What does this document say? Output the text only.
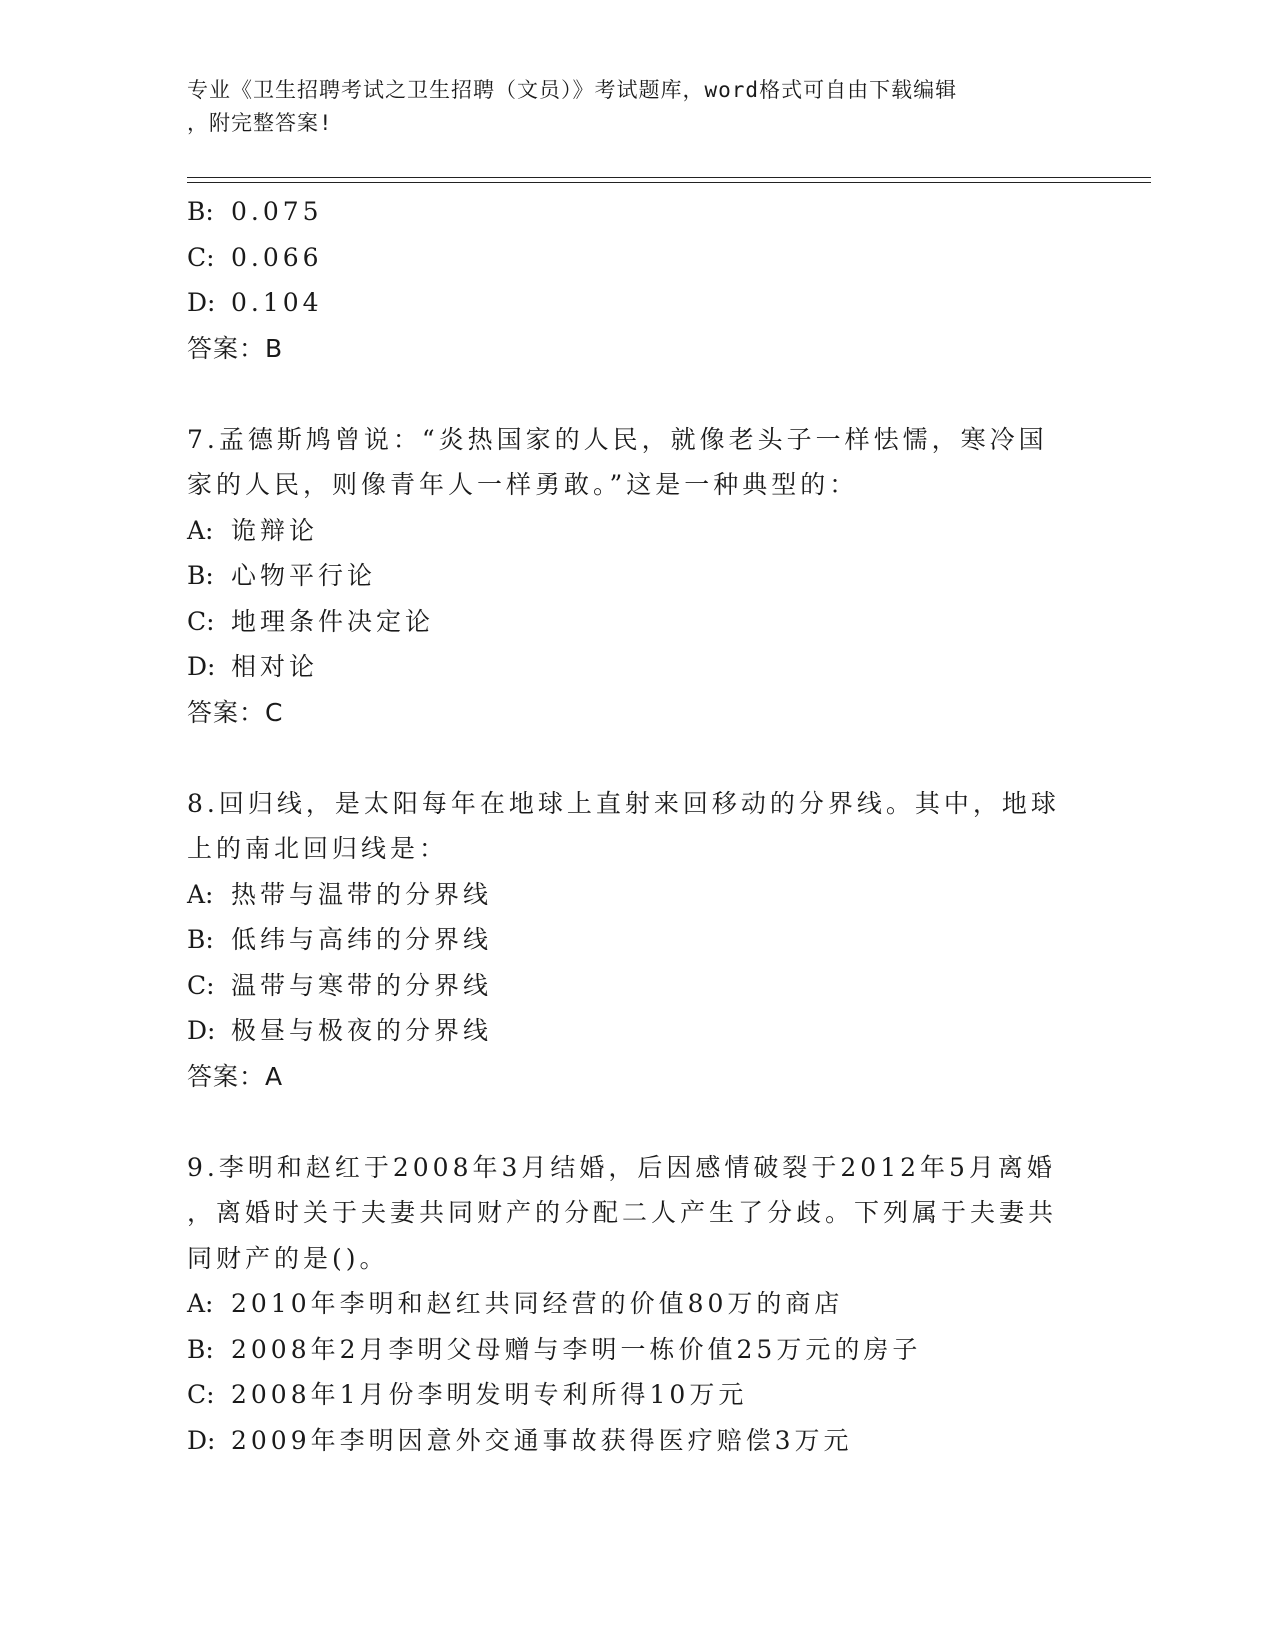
专业《卫生招聘考试之卫生招聘（文员）》考试题库，word格式可自由下载编辑
，附完整答案!
B: 0.075
C: 0.066
D: 0.104
答案：B
7.孟德斯鸠曾说：“炎热国家的人民，就像老头子一样怯懦，寒冷国
家的人民，则像青年人一样勇敢。”这是一种典型的：
A: 诡辩论
B: 心物平行论
C: 地理条件决定论
D: 相对论
答案：C
8.回归线，是太阳每年在地球上直射来回移动的分界线。其中，地球
上的南北回归线是：
A: 热带与温带的分界线
B: 低纬与高纬的分界线
C: 温带与寒带的分界线
D: 极昼与极夜的分界线
答案：A
9.李明和赵红于2008年3月结婚，后因感情破裂于2012年5月离婚
，离婚时关于夫妻共同财产的分配二人产生了分歧。下列属于夫妻共
同财产的是()。
A: 2010年李明和赵红共同经营的价值80万的商店
B: 2008年2月李明父母赠与李明一栋价值25万元的房子
C: 2008年1月份李明发明专利所得10万元
D: 2009年李明因意外交通事故获得医疗赔偿3万元
